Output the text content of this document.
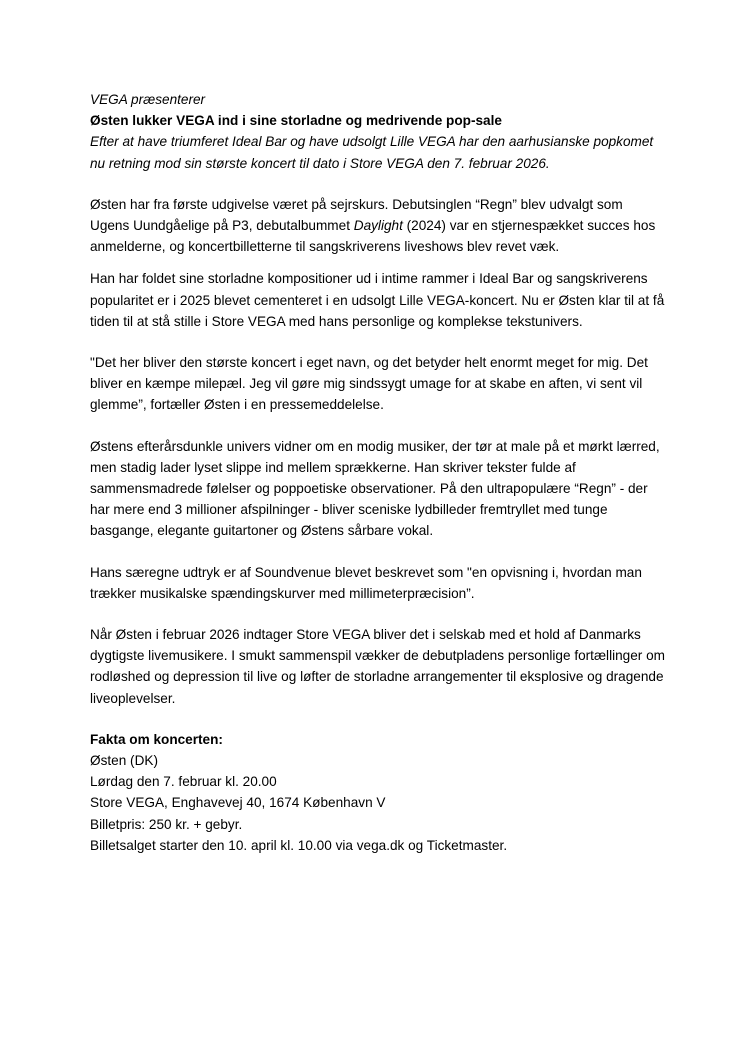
VEGA præsenterer

Østen lukker VEGA ind i sine storladne og medrivende pop-sale

Efter at have triumferet Ideal Bar og have udsolgt Lille VEGA har den aarhusianske popkomet nu retning mod sin største koncert til dato i Store VEGA den 7. februar 2026.

Østen har fra første udgivelse været på sejrskurs. Debutsinglen “Regn” blev udvalgt som Ugens Uundgåelige på P3, debutalbummet Daylight (2024) var en stjernespækket succes hos anmelderne, og koncertbilletterne til sangskriverens liveshows blev revet væk.

Han har foldet sine storladne kompositioner ud i intime rammer i Ideal Bar og sangskriverens popularitet er i 2025 blevet cementeret i en udsolgt Lille VEGA-koncert. Nu er Østen klar til at få tiden til at stå stille i Store VEGA med hans personlige og komplekse tekstunivers.

"Det her bliver den største koncert i eget navn, og det betyder helt enormt meget for mig. Det bliver en kæmpe milepæl. Jeg vil gøre mig sindssygt umage for at skabe en aften, vi sent vil glemme”, fortæller Østen i en pressemeddelelse.

Østens efterårsdunkle univers vidner om en modig musiker, der tør at male på et mørkt lærred, men stadig lader lyset slippe ind mellem sprækkerne. Han skriver tekster fulde af sammensmadrede følelser og poppoetiske observationer. På den ultrapopulære “Regn” - der har mere end 3 millioner afspilninger - bliver sceniske lydbilleder fremtryllet med tunge basgange, elegante guitartoner og Østens sårbare vokal.

Hans særegne udtryk er af Soundvenue blevet beskrevet som "en opvisning i, hvordan man trækker musikalske spændingskurver med millimeterpræcision”.

Når Østen i februar 2026 indtager Store VEGA bliver det i selskab med et hold af Danmarks dygtigste livemusikere. I smukt sammenspil vækker de debutpladens personlige fortællinger om rodløshed og depression til live og løfter de storladne arrangementer til eksplosive og dragende liveoplevelser.

Fakta om koncerten:

Østen (DK)
Lørdag den 7. februar kl. 20.00
Store VEGA, Enghavevej 40, 1674 København V
Billetpris: 250 kr. + gebyr.
Billetsalget starter den 10. april kl. 10.00 via vega.dk og Ticketmaster.
